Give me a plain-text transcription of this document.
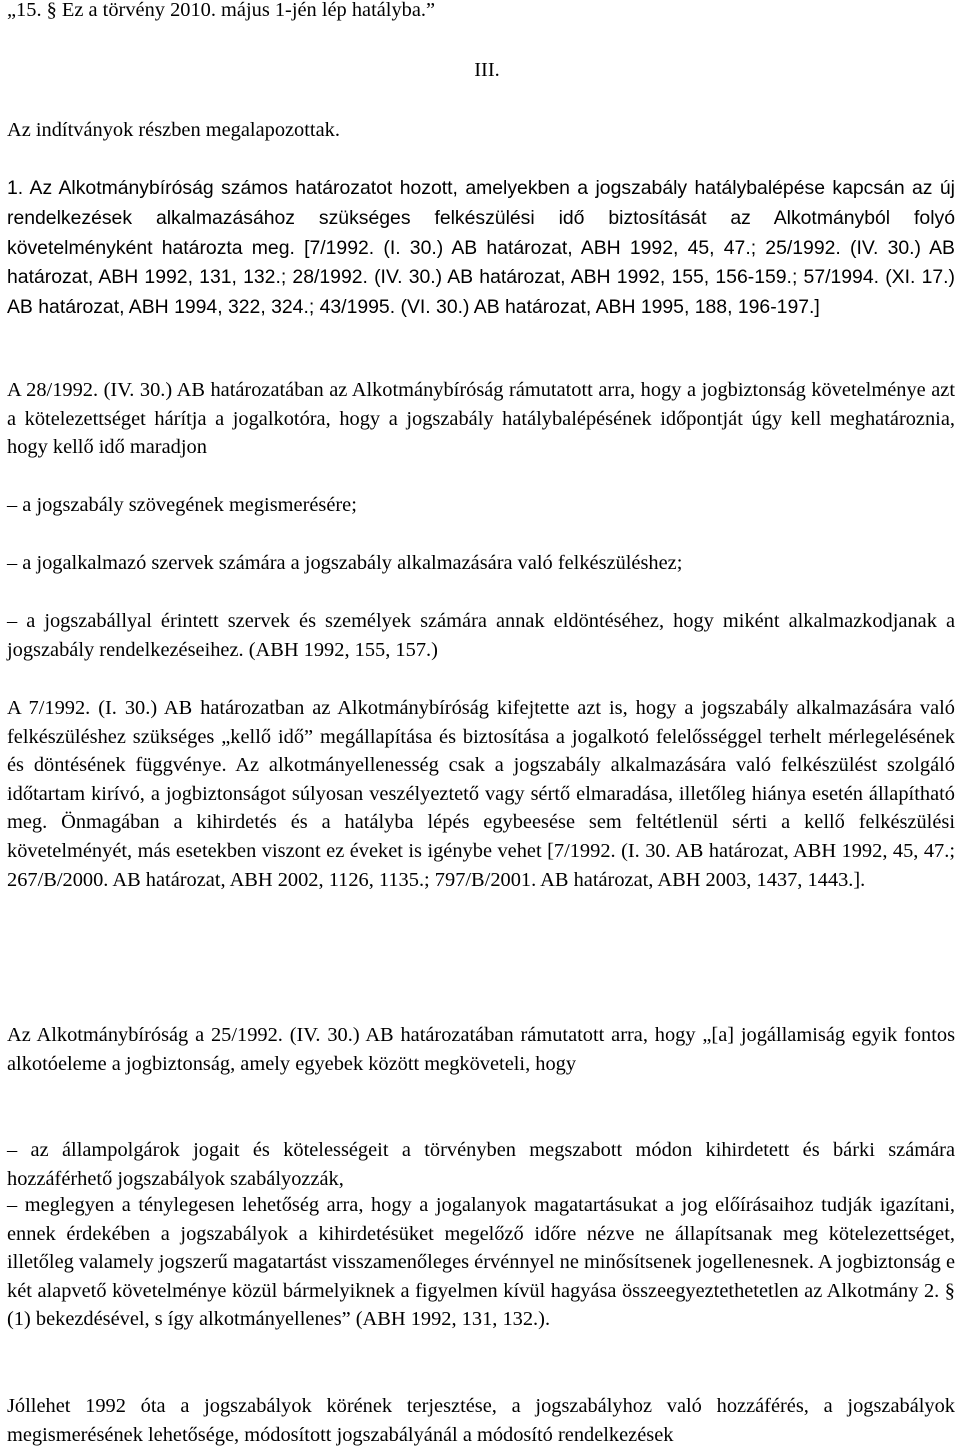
„15. § Ez a törvény 2010. május 1-jén lép hatályba.”

III.

Az indítványok részben megalapozottak.

1. Az Alkotmánybíróság számos határozatot hozott, amelyekben a jogszabály hatálybalépése kapcsán az új rendelkezések alkalmazásához szükséges felkészülési idő biztosítását az Alkotmányból folyó követelményként határozta meg. [7/1992. (I. 30.) AB határozat, ABH 1992, 45, 47.; 25/1992. (IV. 30.) AB határozat, ABH 1992, 131, 132.; 28/1992. (IV. 30.) AB határozat, ABH 1992, 155, 156-159.; 57/1994. (XI. 17.) AB határozat, ABH 1994, 322, 324.; 43/1995. (VI. 30.) AB határozat, ABH 1995, 188, 196-197.]

A 28/1992. (IV. 30.) AB határozatában az Alkotmánybíróság rámutatott arra, hogy a jogbiztonság követelménye azt a kötelezettséget hárítja a jogalkotóra, hogy a jogszabály hatálybalépésének időpontját úgy kell meghatároznia, hogy kellő idő maradjon

– a jogszabály szövegének megismerésére;

– a jogalkalmazó szervek számára a jogszabály alkalmazására való felkészüléshez;

– a jogszabállyal érintett szervek és személyek számára annak eldöntéséhez, hogy miként alkalmazkodjanak a jogszabály rendelkezéseihez. (ABH 1992, 155, 157.)

A 7/1992. (I. 30.) AB határozatban az Alkotmánybíróság kifejtette azt is, hogy a jogszabály alkalmazására való felkészüléshez szükséges „kellő idő” megállapítása és biztosítása a jogalkotó felelősséggel terhelt mérlegelésének és döntésének függvénye. Az alkotmányellenesség csak a jogszabály alkalmazására való felkészülést szolgáló időtartam kirívó, a jogbiztonságot súlyosan veszélyeztető vagy sértő elmaradása, illetőleg hiánya esetén állapítható meg. Önmagában a kihirdetés és a hatályba lépés egybeesése sem feltétlenül sérti a kellő felkészülési követelményét, más esetekben viszont ez éveket is igénybe vehet [7/1992. (I. 30. AB határozat, ABH 1992, 45, 47.; 267/B/2000. AB határozat, ABH 2002, 1126, 1135.; 797/B/2001. AB határozat, ABH 2003, 1437, 1443.].

Az Alkotmánybíróság a 25/1992. (IV. 30.) AB határozatában rámutatott arra, hogy „[a] jogállamiság egyik fontos alkotóeleme a jogbiztonság, amely egyebek között megköveteli, hogy

– az állampolgárok jogait és kötelességeit a törvényben megszabott módon kihirdetett és bárki számára hozzáférhető jogszabályok szabályozzák,

– meglegyen a ténylegesen lehetőség arra, hogy a jogalanyok magatartásukat a jog előírásaihoz tudják igazítani, ennek érdekében a jogszabályok a kihirdetésüket megelőző időre nézve ne állapítsanak meg kötelezettséget, illetőleg valamely jogszerű magatartást visszamenőleges érvénnyel ne minősítsenek jogellenesnek. A jogbiztonság e két alapvető követelménye közül bármelyiknek a figyelmen kívül hagyása összeegyeztethetetlen az Alkotmány 2. § (1) bekezdésével, s így alkotmányellenes” (ABH 1992, 131, 132.).

Jóllehet 1992 óta a jogszabályok körének terjesztése, a jogszabályhoz való hozzáférés, a jogszabályok megismerésének lehetősége, módosított jogszabályánál a módosító rendelkezések
